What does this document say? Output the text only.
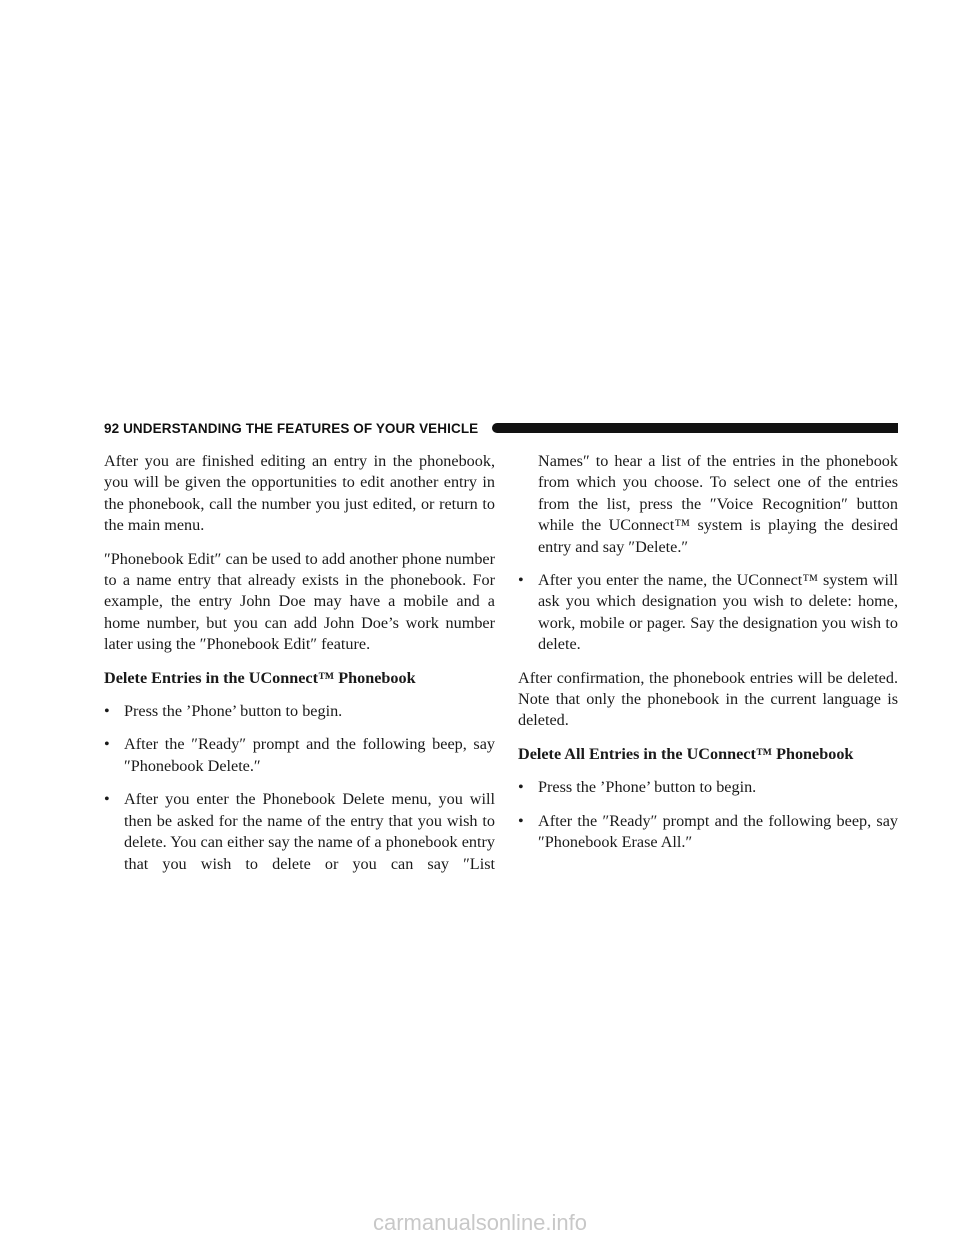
92 UNDERSTANDING THE FEATURES OF YOUR VEHICLE

After you are finished editing an entry in the phonebook, you will be given the opportunities to edit another entry in the phonebook, call the number you just edited, or return to the main menu.

″Phonebook Edit″ can be used to add another phone number to a name entry that already exists in the phonebook. For example, the entry John Doe may have a mobile and a home number, but you can add John Doe’s work number later using the ″Phonebook Edit″ feature.

Delete Entries in the UConnect™ Phonebook

• Press the ’Phone’ button to begin.
• After the ″Ready″ prompt and the following beep, say ″Phonebook Delete.″
• After you enter the Phonebook Delete menu, you will then be asked for the name of the entry that you wish to delete. You can either say the name of a phonebook entry that you wish to delete or you can say ″List

Names″ to hear a list of the entries in the phonebook from which you choose. To select one of the entries from the list, press the ″Voice Recognition″ button while the UConnect™ system is playing the desired entry and say ″Delete.″

• After you enter the name, the UConnect™ system will ask you which designation you wish to delete: home, work, mobile or pager. Say the designation you wish to delete.

After confirmation, the phonebook entries will be deleted. Note that only the phonebook in the current language is deleted.

Delete All Entries in the UConnect™ Phonebook

• Press the ’Phone’ button to begin.
• After the ″Ready″ prompt and the following beep, say ″Phonebook Erase All.″
carmanualsonline.info
